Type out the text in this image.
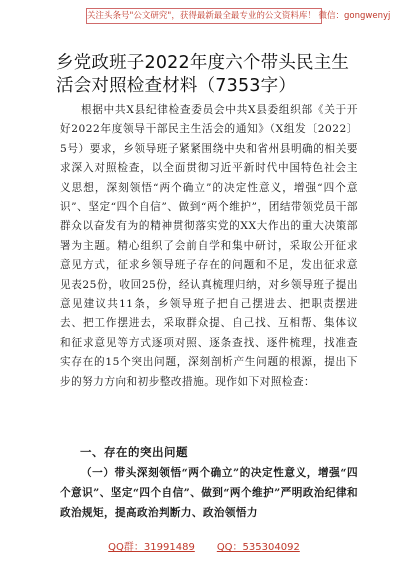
关注头条号"公文研究"，获得最新最全最专业的公文资料库！ 微信：gongwenyj
乡党政班子2022年度六个带头民主生活会对照检查材料（7353字）

根据中共X县纪律检查委员会中共X县委组织部《关于开好2022年度领导干部民主生活会的通知》（X组发〔2022〕5号）要求，乡领导班子紧紧围绕中央和省州县明确的相关要求深入对照检查，以全面贯彻习近平新时代中国特色社会主义思想，深刻领悟“两个确立”的决定性意义，增强“四个意识”、坚定“四个自信”、做到“两个维护”，团结带领党员干部群众以奋发有为的精神贯彻落实党的XX大作出的重大决策部署为主题。精心组织了会前自学和集中研讨，采取公开征求意见方式，征求乡领导班子存在的问题和不足，发出征求意见表25份，收回25份，经认真梳理归纳，对乡领导班子提出意见建议共11条，乡领导班子把自己摆进去、把职责摆进去、把工作摆进去，采取群众提、自己找、互相帮、集体议和征求意见等方式逐项对照、逐条查找、逐件梳理，找准查实存在的15个突出问题，深刻剖析产生问题的根源，提出下步的努力方向和初步整改措施。现作如下对照检查：

一、存在的突出问题

（一）带头深刻领悟“两个确立”的决定性意义，增强“四个意识”、坚定“四个自信”、做到“两个维护”严明政治纪律和政治规矩，提高政治判断力、政治领悟力

QQ群：31991489 QQ：535304092
